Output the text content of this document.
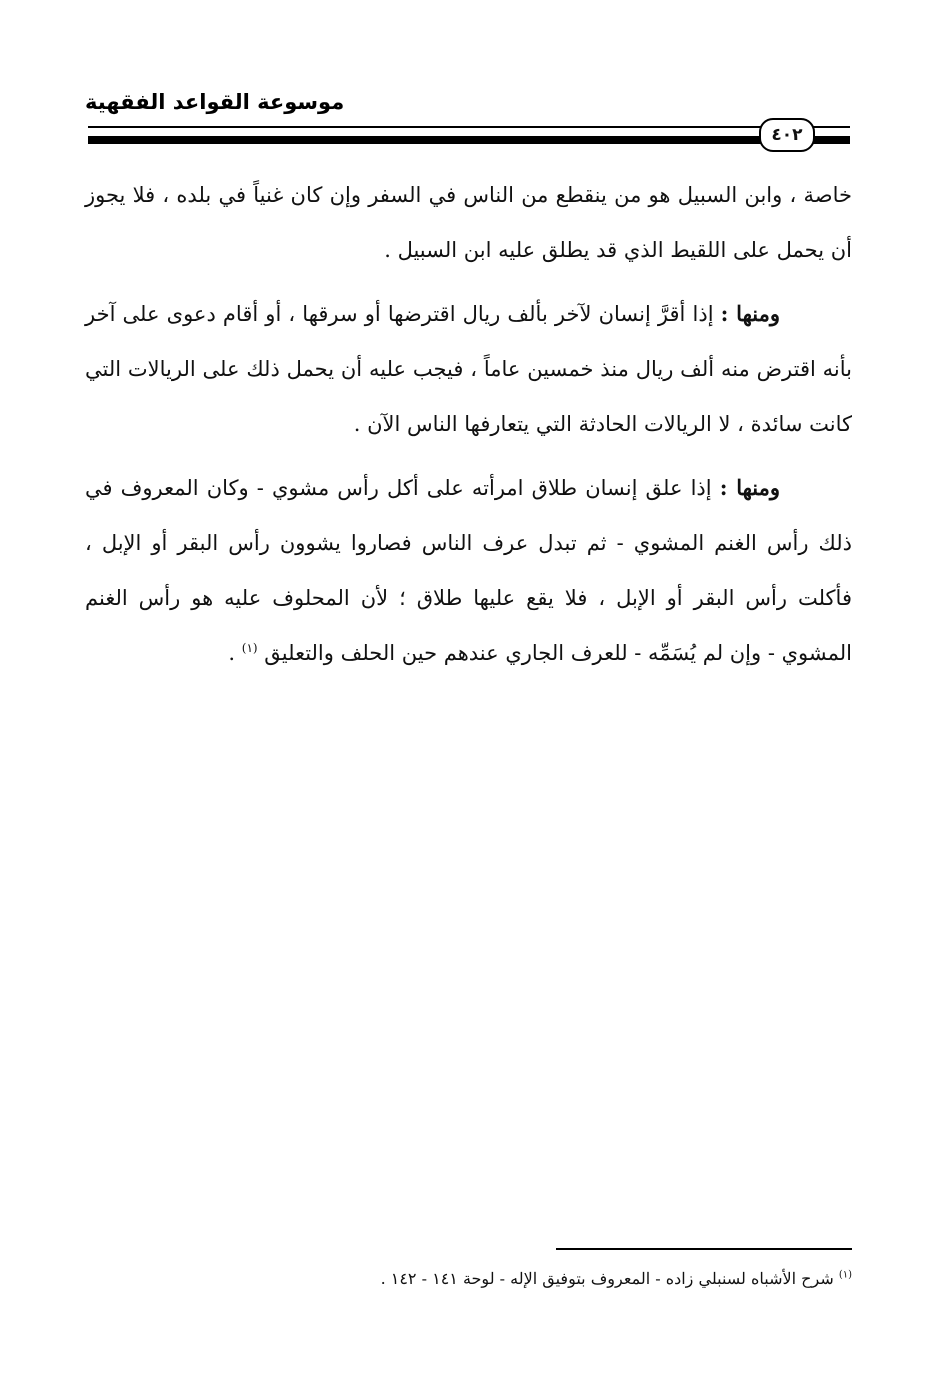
موسوعة القواعد الفقهية
٤٠٢

خاصة ، وابن السبيل هو من ينقطع من الناس في السفر وإن كان غنياً في بلده ، فلا يجوز أن يحمل على اللقيط الذي قد يطلق عليه ابن السبيل .

ومنها : إذا أقرَّ إنسان لآخر بألف ريال اقترضها أو سرقها ، أو أقام دعوى على آخر بأنه اقترض منه ألف ريال منذ خمسين عاماً ، فيجب عليه أن يحمل ذلك على الريالات التي كانت سائدة ، لا الريالات الحادثة التي يتعارفها الناس الآن .

ومنها : إذا علق إنسان طلاق امرأته على أكل رأس مشوي - وكان المعروف في ذلك رأس الغنم المشوي - ثم تبدل عرف الناس فصاروا يشوون رأس البقر أو الإبل ، فأكلت رأس البقر أو الإبل ، فلا يقع عليها طلاق ؛ لأن المحلوف عليه هو رأس الغنم المشوي - وإن لم يُسَمِّه - للعرف الجاري عندهم حين الحلف والتعليق $^{(١)}$ .

$^{(١)}$ شرح الأشباه لسنبلي زاده - المعروف بتوفيق الإله - لوحة ١٤١ - ١٤٢ .
